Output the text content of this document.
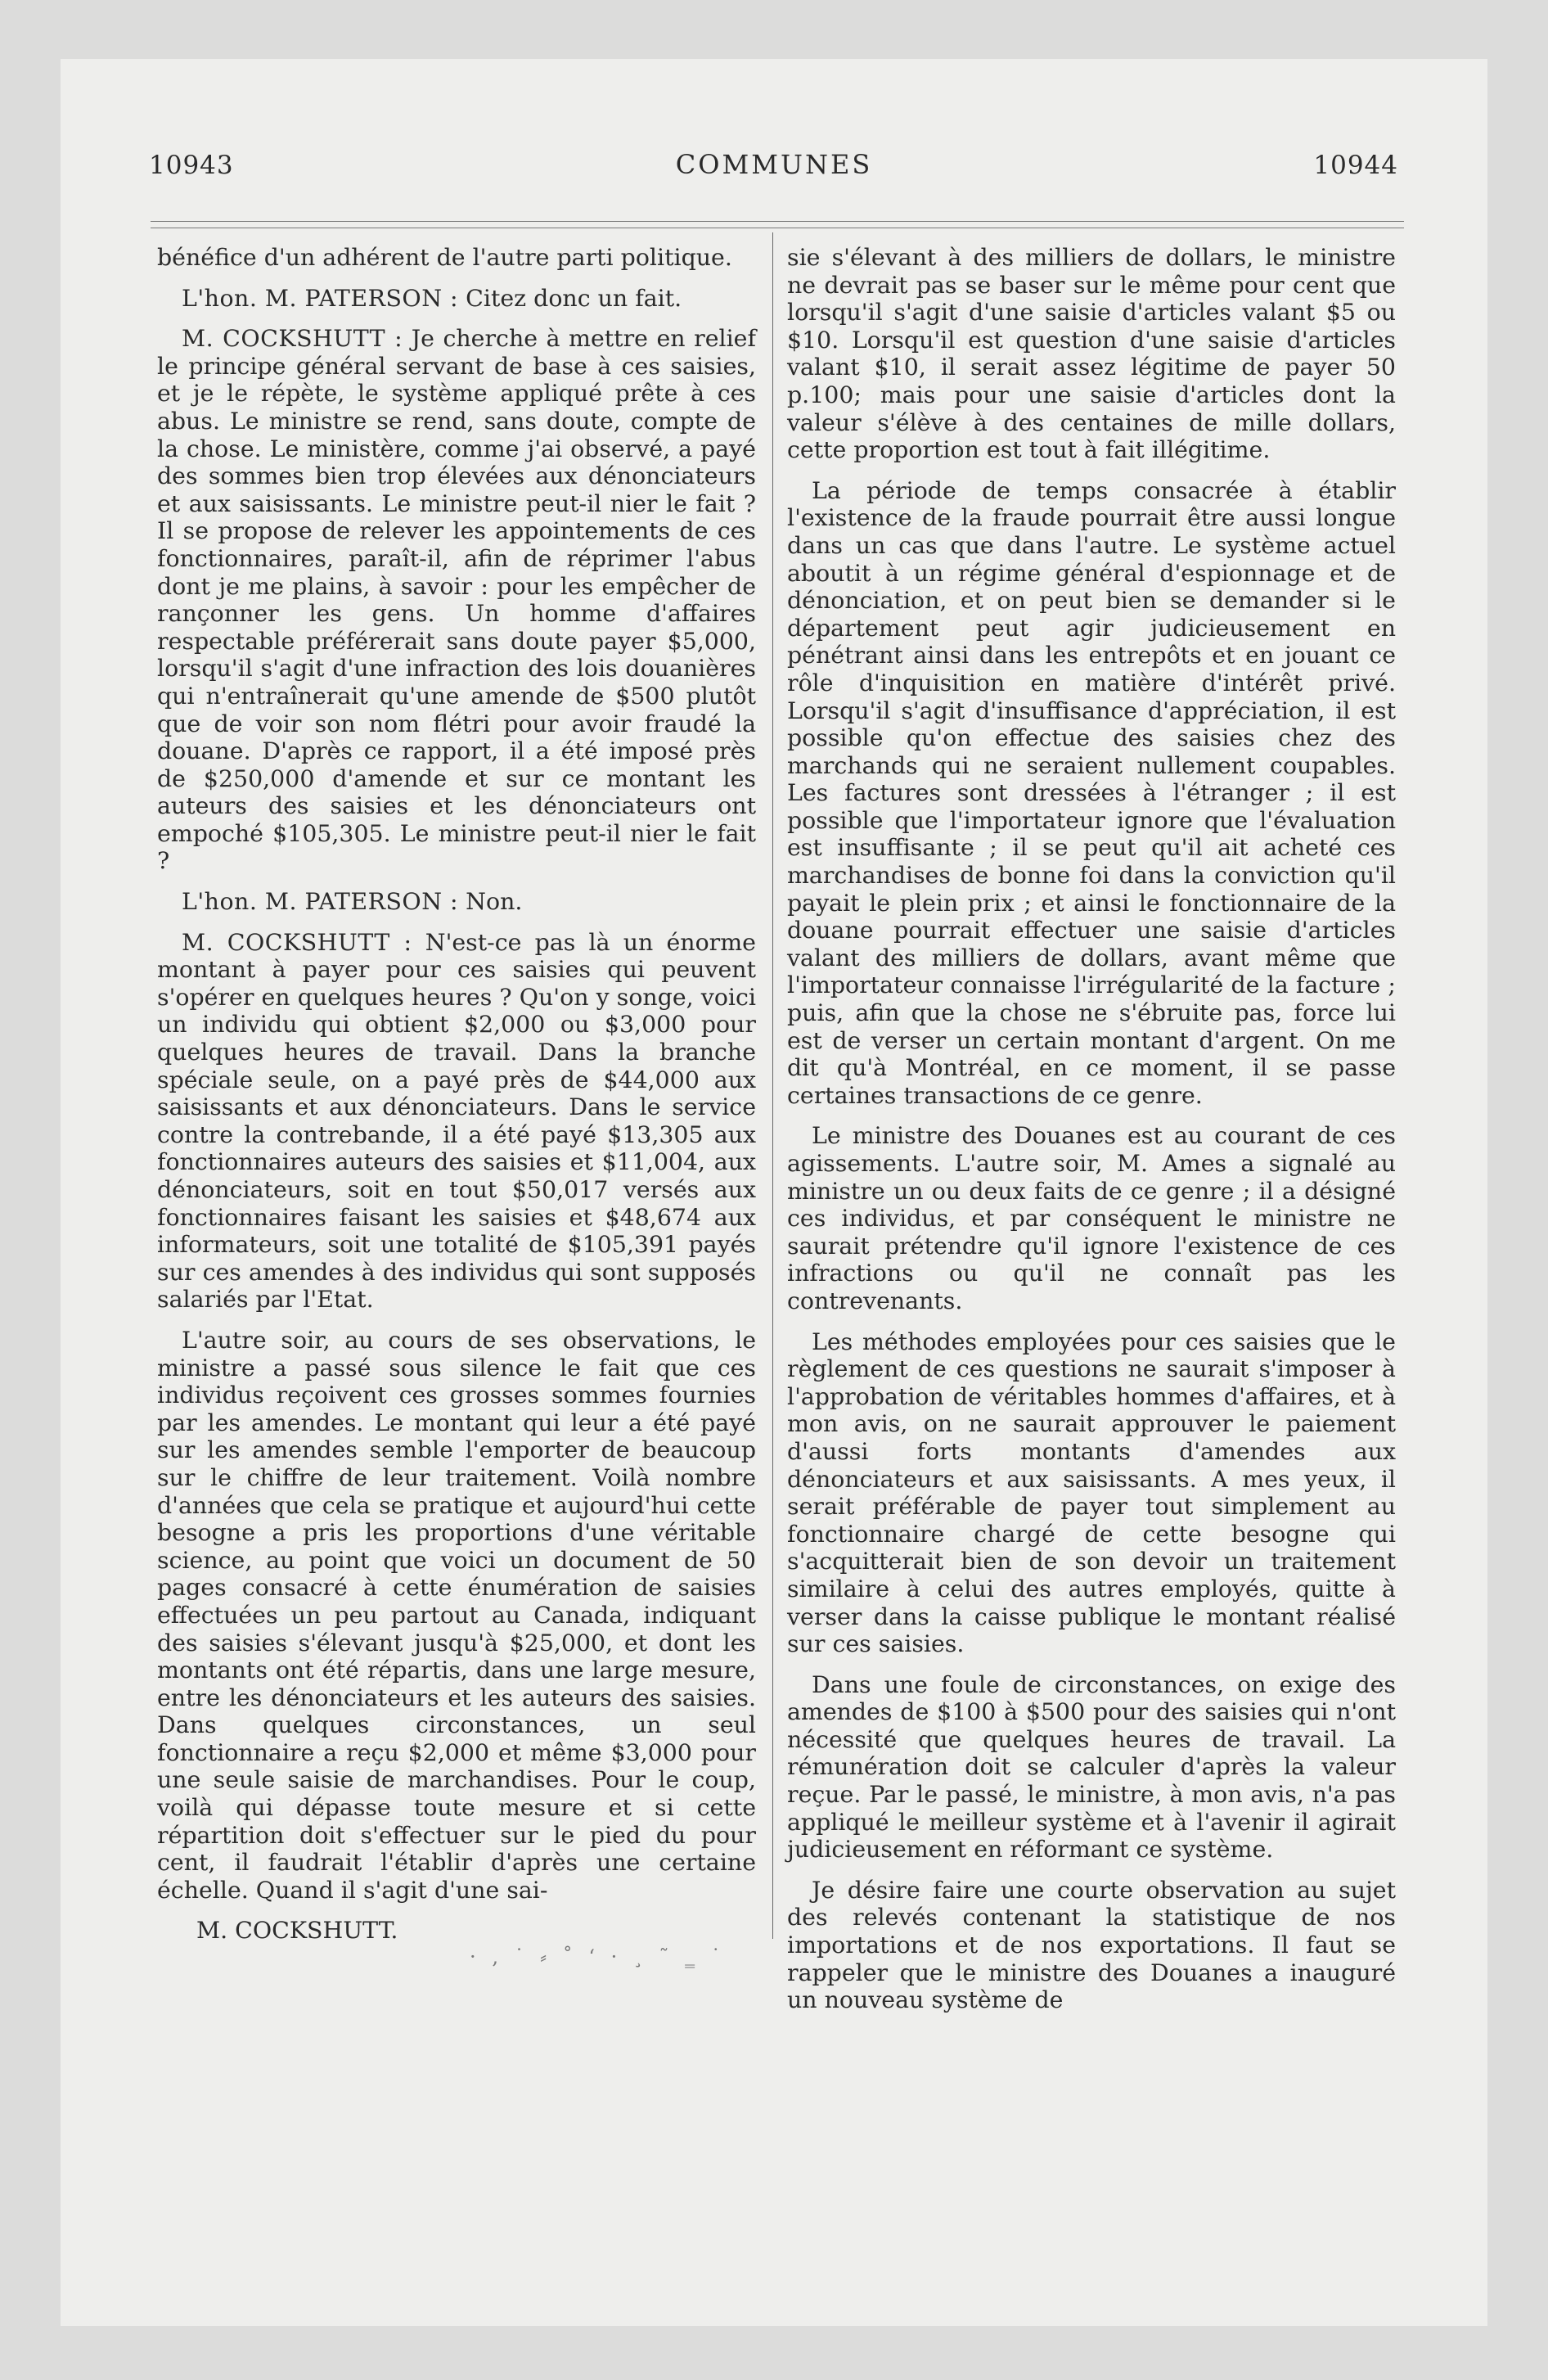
10943	COMMUNES	10944

bénéfice d'un adhérent de l'autre parti politique.

L'hon. M. PATERSON : Citez donc un fait.

M. COCKSHUTT : Je cherche à mettre en relief le principe général servant de base à ces saisies, et je le répète, le système appliqué prête à ces abus. Le ministre se rend, sans doute, compte de la chose. Le ministère, comme j'ai observé, a payé des sommes bien trop élevées aux dénonciateurs et aux saisissants. Le ministre peut-il nier le fait ? Il se propose de relever les appointements de ces fonctionnaires, paraît-il, afin de réprimer l'abus dont je me plains, à savoir : pour les empêcher de rançonner les gens. Un homme d'affaires respectable préférerait sans doute payer $5,000, lorsqu'il s'agit d'une infraction des lois douanières qui n'entraînerait qu'une amende de $500 plutôt que de voir son nom flétri pour avoir fraudé la douane. D'après ce rapport, il a été imposé près de $250,000 d'amende et sur ce montant les auteurs des saisies et les dénonciateurs ont empoché $105,305. Le ministre peut-il nier le fait ?

L'hon. M. PATERSON : Non.

M. COCKSHUTT : N'est-ce pas là un énorme montant à payer pour ces saisies qui peuvent s'opérer en quelques heures ? Qu'on y songe, voici un individu qui obtient $2,000 ou $3,000 pour quelques heures de travail. Dans la branche spéciale seule, on a payé près de $44,000 aux saisissants et aux dénonciateurs. Dans le service contre la contrebande, il a été payé $13,305 aux fonctionnaires auteurs des saisies et $11,004, aux dénonciateurs, soit en tout $50,017 versés aux fonctionnaires faisant les saisies et $48,674 aux informateurs, soit une totalité de $105,391 payés sur ces amendes à des individus qui sont supposés salariés par l'Etat.

L'autre soir, au cours de ses observations, le ministre a passé sous silence le fait que ces individus reçoivent ces grosses sommes fournies par les amendes. Le montant qui leur a été payé sur les amendes semble l'emporter de beaucoup sur le chiffre de leur traitement. Voilà nombre d'années que cela se pratique et aujourd'hui cette besogne a pris les proportions d'une véritable science, au point que voici un document de 50 pages consacré à cette énumération de saisies effectuées un peu partout au Canada, indiquant des saisies s'élevant jusqu'à $25,000, et dont les montants ont été répartis, dans une large mesure, entre les dénonciateurs et les auteurs des saisies. Dans quelques circonstances, un seul fonctionnaire a reçu $2,000 et même $3,000 pour une seule saisie de marchandises. Pour le coup, voilà qui dépasse toute mesure et si cette répartition doit s'effectuer sur le pied du pour cent, il faudrait l'établir d'après une certaine échelle. Quand il s'agit d'une sai-

M. COCKSHUTT.

sie s'élevant à des milliers de dollars, le ministre ne devrait pas se baser sur le même pour cent que lorsqu'il s'agit d'une saisie d'articles valant $5 ou $10. Lorsqu'il est question d'une saisie d'articles valant $10, il serait assez légitime de payer 50 p.100; mais pour une saisie d'articles dont la valeur s'élève à des centaines de mille dollars, cette proportion est tout à fait illégitime.

La période de temps consacrée à établir l'existence de la fraude pourrait être aussi longue dans un cas que dans l'autre. Le système actuel aboutit à un régime général d'espionnage et de dénonciation, et on peut bien se demander si le département peut agir judicieusement en pénétrant ainsi dans les entrepôts et en jouant ce rôle d'inquisition en matière d'intérêt privé. Lorsqu'il s'agit d'insuffisance d'appréciation, il est possible qu'on effectue des saisies chez des marchands qui ne seraient nullement coupables. Les factures sont dressées à l'étranger ; il est possible que l'importateur ignore que l'évaluation est insuffisante ; il se peut qu'il ait acheté ces marchandises de bonne foi dans la conviction qu'il payait le plein prix ; et ainsi le fonctionnaire de la douane pourrait effectuer une saisie d'articles valant des milliers de dollars, avant même que l'importateur connaisse l'irrégularité de la facture ; puis, afin que la chose ne s'ébruite pas, force lui est de verser un certain montant d'argent. On me dit qu'à Montréal, en ce moment, il se passe certaines transactions de ce genre.

Le ministre des Douanes est au courant de ces agissements. L'autre soir, M. Ames a signalé au ministre un ou deux faits de ce genre ; il a désigné ces individus, et par conséquent le ministre ne saurait prétendre qu'il ignore l'existence de ces infractions ou qu'il ne connaît pas les contrevenants.

Les méthodes employées pour ces saisies que le règlement de ces questions ne saurait s'imposer à l'approbation de véritables hommes d'affaires, et à mon avis, on ne saurait approuver le paiement d'aussi forts montants d'amendes aux dénonciateurs et aux saisissants. A mes yeux, il serait préférable de payer tout simplement au fonctionnaire chargé de cette besogne qui s'acquitterait bien de son devoir un traitement similaire à celui des autres employés, quitte à verser dans la caisse publique le montant réalisé sur ces saisies.

Dans une foule de circonstances, on exige des amendes de $100 à $500 pour des saisies qui n'ont nécessité que quelques heures de travail. La rémunération doit se calculer d'après la valeur reçue. Par le passé, le ministre, à mon avis, n'a pas appliqué le meilleur système et à l'avenir il agirait judicieusement en réformant ce système.

Je désire faire une courte observation au sujet des relevés contenant la statistique de nos importations et de nos exportations. Il faut se rappeler que le ministre des Douanes a inauguré un nouveau système de

· ‚ ˙ ⸗ ˚ ‘ · ¸ ˜ ‗ ˙
